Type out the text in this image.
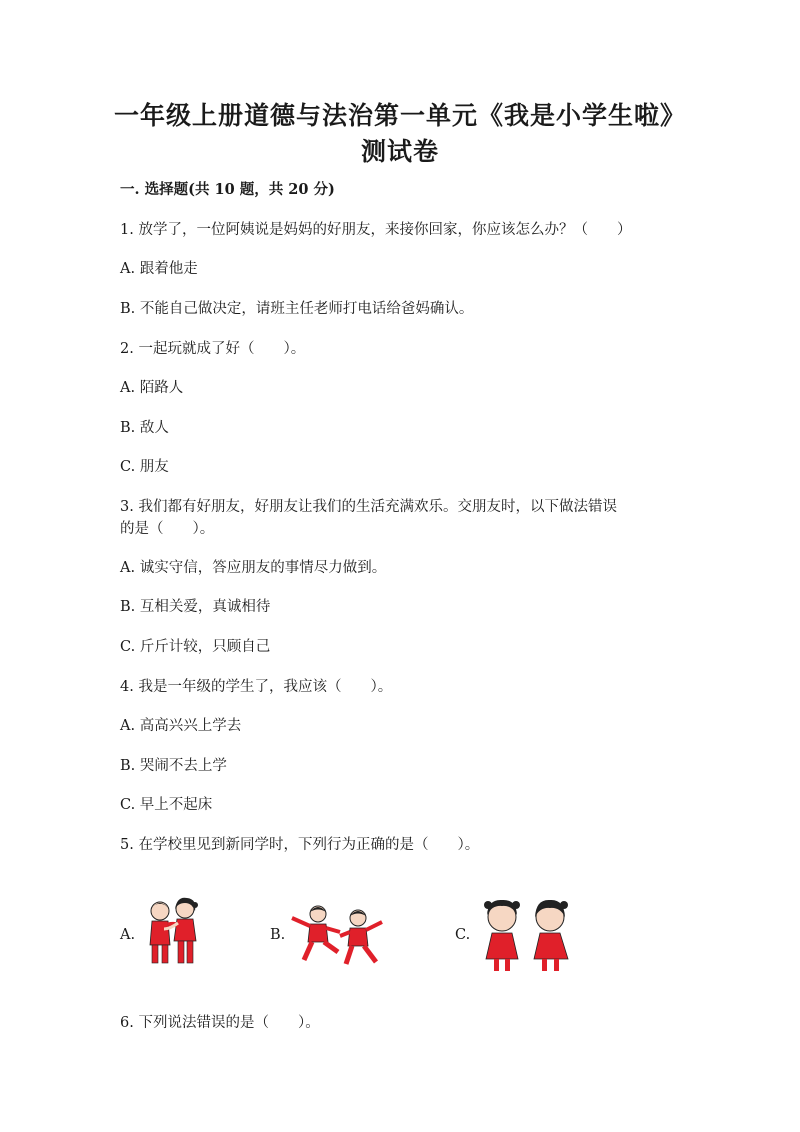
一年级上册道德与法治第一单元《我是小学生啦》
测试卷

一. 选择题(共 10 题，共 20 分)

1. 放学了，一位阿姨说是妈妈的好朋友，来接你回家，你应该怎么办？（　　）

A. 跟着他走

B. 不能自己做决定，请班主任老师打电话给爸妈确认。

2. 一起玩就成了好（　　）。

A. 陌路人

B. 敌人

C. 朋友

3. 我们都有好朋友，好朋友让我们的生活充满欢乐。交朋友时，以下做法错误

的是（　　）。

A. 诚实守信，答应朋友的事情尽力做到。

B. 互相关爱，真诚相待

C. 斤斤计较，只顾自己

4. 我是一年级的学生了，我应该（　　）。

A. 高高兴兴上学去

B. 哭闹不去上学

C. 早上不起床

5. 在学校里见到新同学时，下列行为正确的是（　　）。

A.	B.	C.

6. 下列说法错误的是（　　）。
